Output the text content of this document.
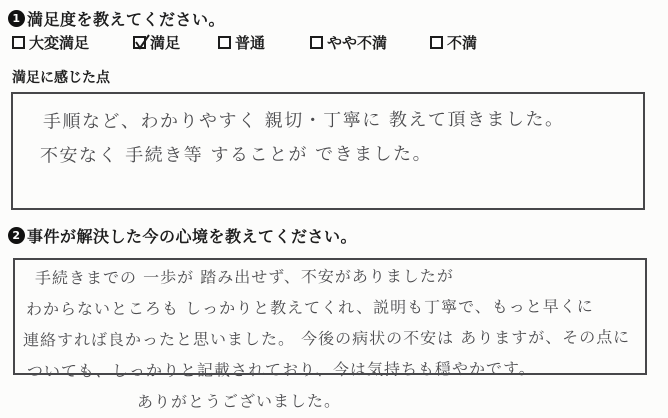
1 満足度を教えてください。
大変満足	満足	普通	やや不満	不満
満足に感じた点
手順など、わかりやすく 親切・丁寧に 教えて頂きました。
不安なく 手続き等 することが できました。
2 事件が解決した今の心境を教えてください。
手続きまでの 一歩が 踏み出せず、不安がありましたが
わからないところも しっかりと教えてくれ、説明も丁寧で、もっと早くに
連絡すれば良かったと思いました。 今後の病状の不安は ありますが、その点に
ついても、しっかりと記載されており、今は気持ちも穏やかです。
ありがとうございました。
